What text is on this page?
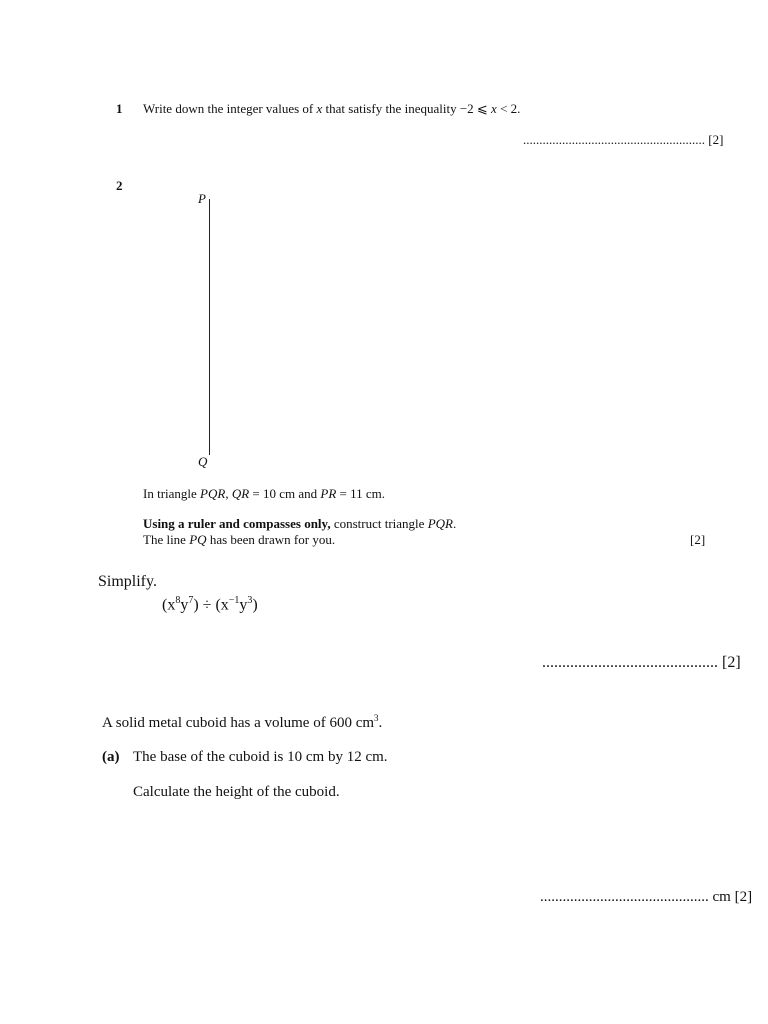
1 Write down the integer values of x that satisfy the inequality −2 ⩽ x < 2.
........................................................ [2]
2
P
Q
In triangle PQR, QR = 10 cm and PR = 11 cm.
Using a ruler and compasses only, construct triangle PQR.
The line PQ has been drawn for you.	[2]
Simplify.
$(x^8y^7) \div (x^{-1}y^3)$
............................................ [2]
A solid metal cuboid has a volume of 600 $cm^3$.
(a) The base of the cuboid is 10 cm by 12 cm.
Calculate the height of the cuboid.
............................................. cm [2]
